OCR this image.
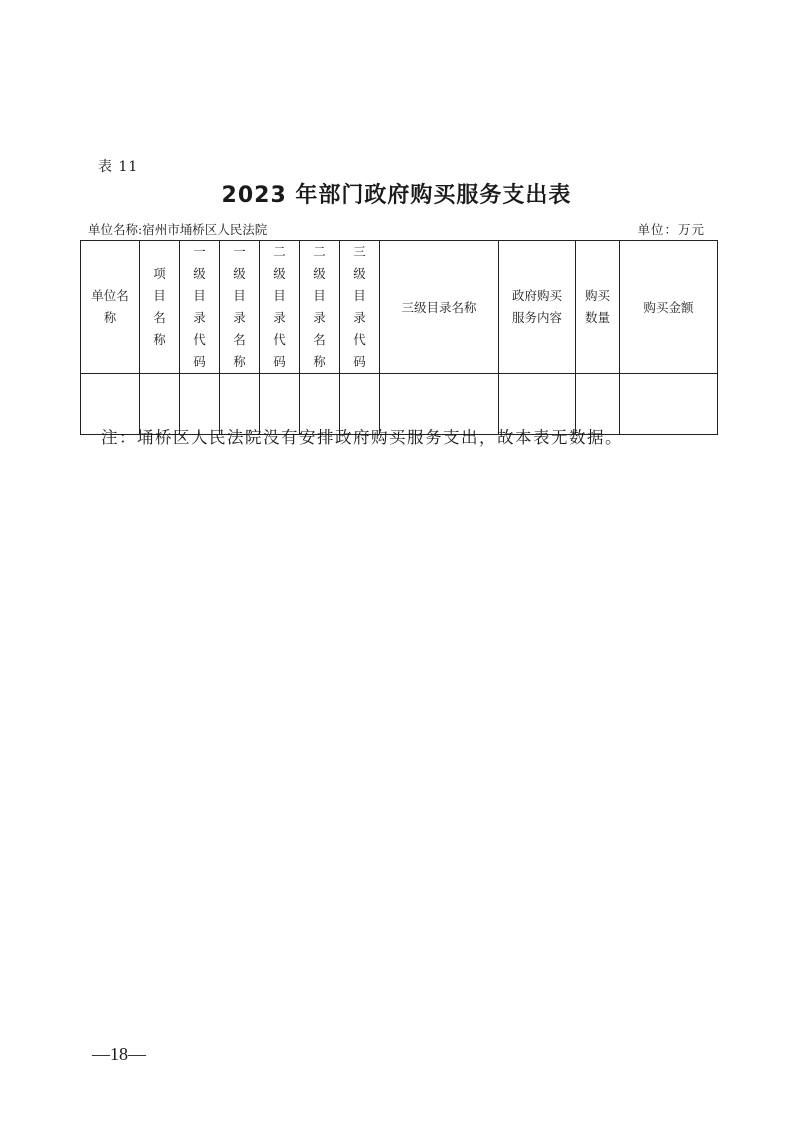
表 11
2023 年部门政府购买服务支出表
单位名称:宿州市埇桥区人民法院	单位：万元
单位名称	项目名称	一级目录代码	一级目录名称	二级目录代码	二级目录名称	三级目录代码	三级目录名称	政府购买服务内容	购买数量	购买金额

注：埇桥区人民法院没有安排政府购买服务支出，故本表无数据。
—18—
